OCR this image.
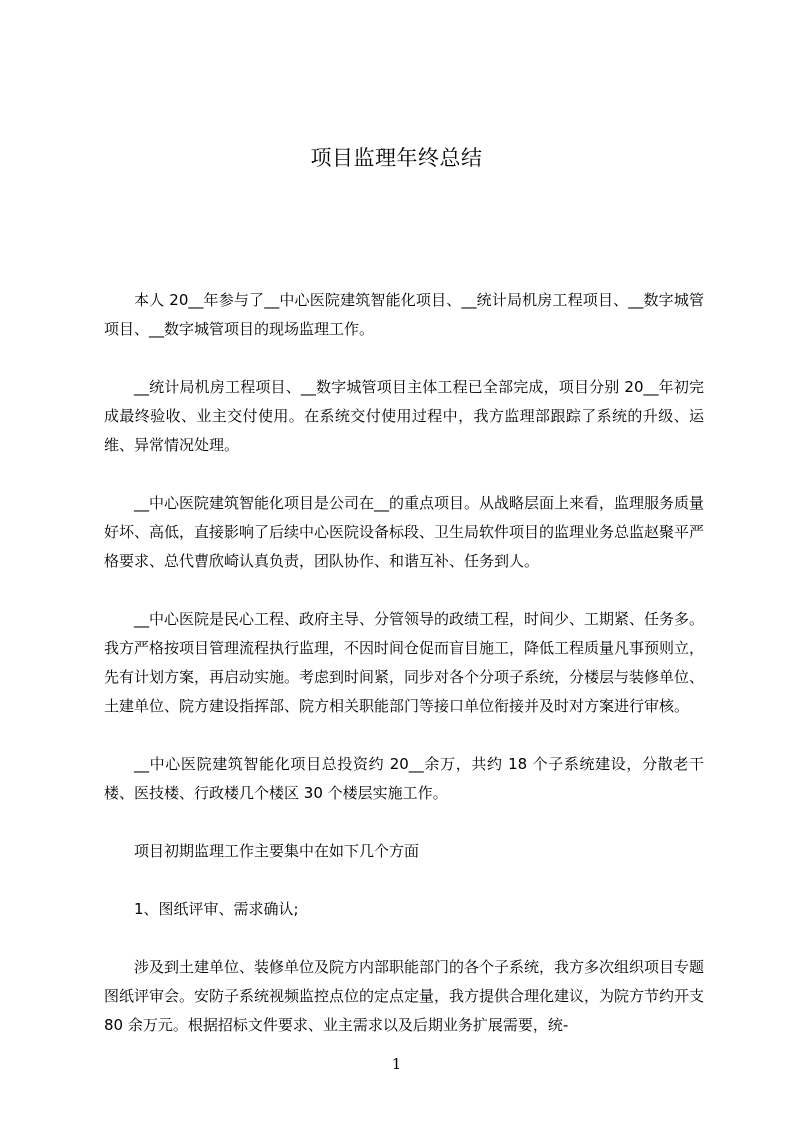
项目监理年终总结

本人 20__年参与了__中心医院建筑智能化项目、__统计局机房工程项目、__数字城管项目、__数字城管项目的现场监理工作。

__统计局机房工程项目、__数字城管项目主体工程已全部完成，项目分别 20__年初完成最终验收、业主交付使用。在系统交付使用过程中，我方监理部跟踪了系统的升级、运维、异常情况处理。

__中心医院建筑智能化项目是公司在__的重点项目。从战略层面上来看，监理服务质量好坏、高低，直接影响了后续中心医院设备标段、卫生局软件项目的监理业务总监赵聚平严格要求、总代曹欣崎认真负责，团队协作、和谐互补、任务到人。

__中心医院是民心工程、政府主导、分管领导的政绩工程，时间少、工期紧、任务多。我方严格按项目管理流程执行监理，不因时间仓促而盲目施工，降低工程质量凡事预则立，先有计划方案，再启动实施。考虑到时间紧，同步对各个分项子系统，分楼层与装修单位、土建单位、院方建设指挥部、院方相关职能部门等接口单位衔接并及时对方案进行审核。

__中心医院建筑智能化项目总投资约 20__余万，共约 18 个子系统建设，分散老干楼、医技楼、行政楼几个楼区 30 个楼层实施工作。

项目初期监理工作主要集中在如下几个方面

1、图纸评审、需求确认;

涉及到土建单位、装修单位及院方内部职能部门的各个子系统，我方多次组织项目专题图纸评审会。安防子系统视频监控点位的定点定量，我方提供合理化建议，为院方节约开支 80 余万元。根据招标文件要求、业主需求以及后期业务扩展需要，统-

1
